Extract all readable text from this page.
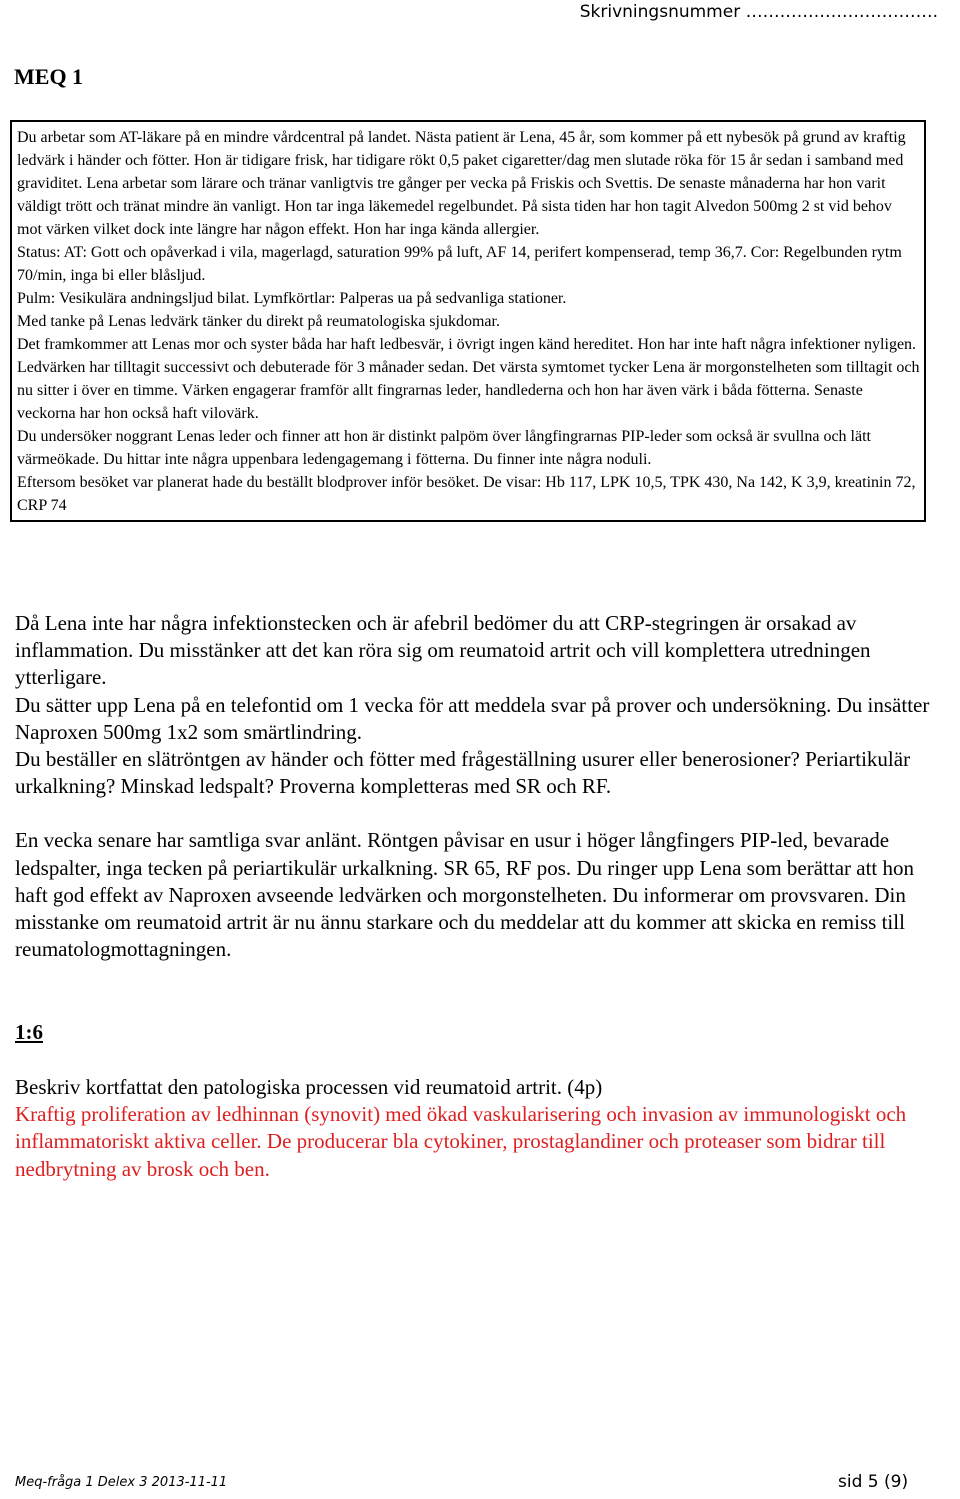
Skrivningsnummer …………………………….
MEQ 1

Du arbetar som AT-läkare på en mindre vårdcentral på landet. Nästa patient är Lena, 45 år, som kommer på ett nybesök på grund av kraftig ledvärk i händer och fötter. Hon är tidigare frisk, har tidigare rökt 0,5 paket cigaretter/dag men slutade röka för 15 år sedan i samband med graviditet. Lena arbetar som lärare och tränar vanligtvis tre gånger per vecka på Friskis och Svettis. De senaste månaderna har hon varit väldigt trött och tränat mindre än vanligt. Hon tar inga läkemedel regelbundet. På sista tiden har hon tagit Alvedon 500mg 2 st vid behov mot värken vilket dock inte längre har någon effekt. Hon har inga kända allergier.

Status: AT: Gott och opåverkad i vila, magerlagd, saturation 99% på luft, AF 14, perifert kompenserad, temp 36,7. Cor: Regelbunden rytm 70/min, inga bi eller blåsljud.

Pulm: Vesikulära andningsljud bilat. Lymfkörtlar: Palperas ua på sedvanliga stationer.

Med tanke på Lenas ledvärk tänker du direkt på reumatologiska sjukdomar.

Det framkommer att Lenas mor och syster båda har haft ledbesvär, i övrigt ingen känd hereditet. Hon har inte haft några infektioner nyligen. Ledvärken har tilltagit successivt och debuterade för 3 månader sedan. Det värsta symtomet tycker Lena är morgonstelheten som tilltagit och nu sitter i över en timme. Värken engagerar framför allt fingrarnas leder, handlederna och hon har även värk i båda fötterna. Senaste veckorna har hon också haft vilovärk.

Du undersöker noggrant Lenas leder och finner att hon är distinkt palpöm över långfingrarnas PIP-leder som också är svullna och lätt värmeökade. Du hittar inte några uppenbara ledengagemang i fötterna. Du finner inte några noduli.

Eftersom besöket var planerat hade du beställt blodprover inför besöket. De visar: Hb 117, LPK 10,5, TPK 430, Na 142, K 3,9, kreatinin 72, CRP 74

Då Lena inte har några infektionstecken och är afebril bedömer du att CRP-stegringen är orsakad av inflammation. Du misstänker att det kan röra sig om reumatoid artrit och vill komplettera utredningen ytterligare.

Du sätter upp Lena på en telefontid om 1 vecka för att meddela svar på prover och undersökning. Du insätter Naproxen 500mg 1x2 som smärtlindring.

Du beställer en slätröntgen av händer och fötter med frågeställning usurer eller benerosioner? Periartikulär urkalkning? Minskad ledspalt? Proverna kompletteras med SR och RF.

En vecka senare har samtliga svar anlänt. Röntgen påvisar en usur i höger långfingers PIP-led, bevarade ledspalter, inga tecken på periartikulär urkalkning. SR 65, RF pos. Du ringer upp Lena som berättar att hon haft god effekt av Naproxen avseende ledvärken och morgonstelheten. Du informerar om provsvaren. Din misstanke om reumatoid artrit är nu ännu starkare och du meddelar att du kommer att skicka en remiss till reumatologmottagningen.

1:6

Beskriv kortfattat den patologiska processen vid reumatoid artrit. (4p)

Kraftig proliferation av ledhinnan (synovit) med ökad vaskularisering och invasion av immunologiskt och inflammatoriskt aktiva celler. De producerar bla cytokiner, prostaglandiner och proteaser som bidrar till nedbrytning av brosk och ben.

Meq-fråga 1 Delex 3 2013-11-11	sid 5 (9)
